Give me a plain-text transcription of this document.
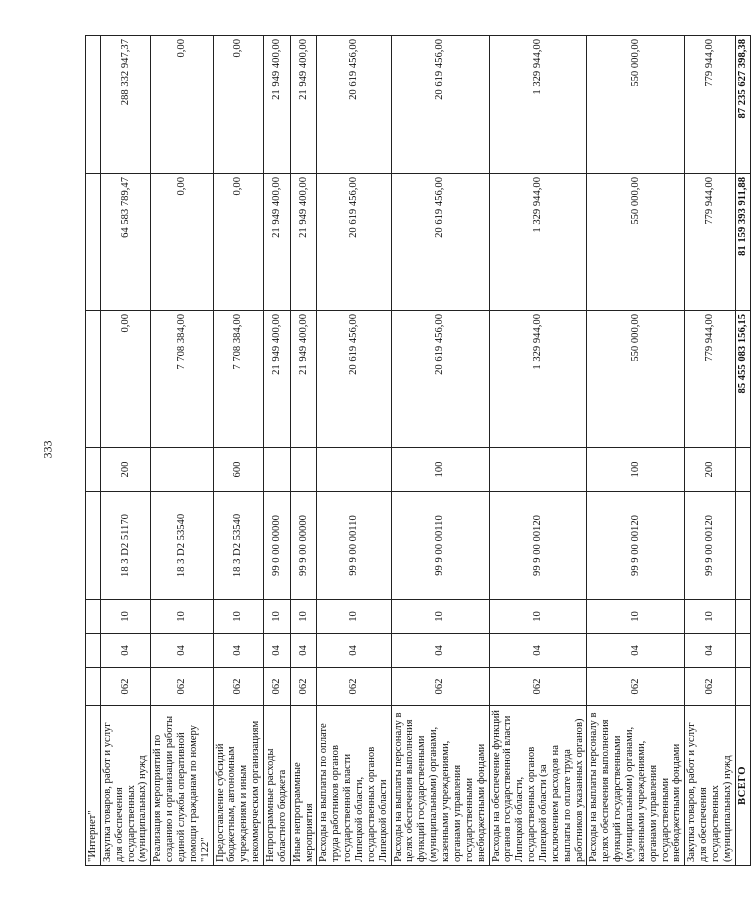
333
"Интернет"								
Закупка товаров, работ и услуг для обеспечения государственных (муниципальных) нужд	062	04	10	18 3 D2 51170	200	0,00	64 583 789,47	288 332 947,37
Реализация мероприятий по созданию и организации работы единой службы оперативной помощи гражданам по номеру "122"	062	04	10	18 3 D2 53540		7 708 384,00	0,00	0,00
Предоставление субсидий бюджетным, автономным учреждениям и иным некоммерческим организациям	062	04	10	18 3 D2 53540	600	7 708 384,00	0,00	0,00
Непрограммные расходы областного бюджета	062	04	10	99 0 00 00000		21 949 400,00	21 949 400,00	21 949 400,00
Иные непрограммные мероприятия	062	04	10	99 9 00 00000		21 949 400,00	21 949 400,00	21 949 400,00
Расходы на выплаты по оплате труда работников органов государственной власти Липецкой области, государственных органов Липецкой области	062	04	10	99 9 00 00110		20 619 456,00	20 619 456,00	20 619 456,00
Расходы на выплаты персоналу в целях обеспечения выполнения функций государственными (муниципальными) органами, казенными учреждениями, органами управления государственными внебюджетными фондами	062	04	10	99 9 00 00110	100	20 619 456,00	20 619 456,00	20 619 456,00
Расходы на обеспечение функций органов государственной власти Липецкой области, государственных органов Липецкой области (за исключением расходов на выплаты по оплате труда работников указанных органов)	062	04	10	99 9 00 00120		1 329 944,00	1 329 944,00	1 329 944,00
Расходы на выплаты персоналу в целях обеспечения выполнения функций государственными (муниципальными) органами, казенными учреждениями, органами управления государственными внебюджетными фондами	062	04	10	99 9 00 00120	100	550 000,00	550 000,00	550 000,00
Закупка товаров, работ и услуг для обеспечения государственных (муниципальных) нужд	062	04	10	99 9 00 00120	200	779 944,00	779 944,00	779 944,00
ВСЕГО						85 455 083 156,15	81 159 393 911,88	87 235 627 398,38
